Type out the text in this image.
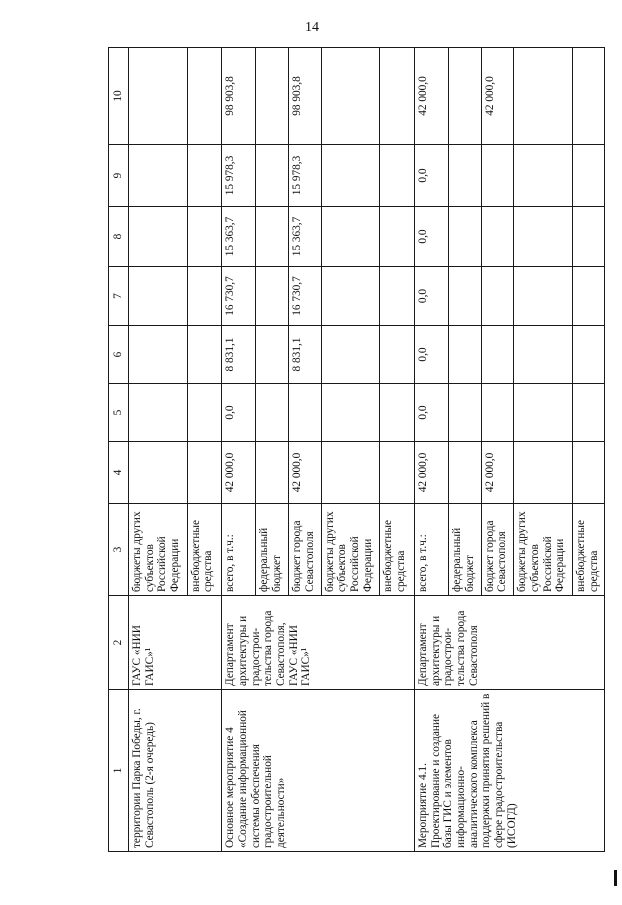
14
1	2	3	4	5	6	7	8	9	10
территории Парка Победы, г. Севастополь (2-я очередь)	ГАУС «НИИ ГАИС»¹	бюджеты других субъектов Российской Федерации							
		внебюджетные средства							
Основное мероприятие 4 «Создание информационной системы обеспечения градостроительной деятельности»	Департамент архитектуры и градострои-тельства города Севастополя, ГАУС «НИИ ГАИС»¹	всего, в т.ч.:	42 000,0	0,0	8 831,1	16 730,7	15 363,7	15 978,3	98 903,8
		федеральный бюджет							
		бюджет города Севастополя	42 000,0		8 831,1	16 730,7	15 363,7	15 978,3	98 903,8
		бюджеты других субъектов Российской Федерации							
		внебюджетные средства							
Мероприятие 4.1. Проектирование и создание базы ГИС и элементов информационно-аналитического комплекса поддержки принятия решений в сфере градостроительства (ИСОГД)	Департамент архитектуры и градострои-тельства города Севастополя	всего, в т.ч.:	42 000,0	0,0	0,0	0,0	0,0	0,0	42 000,0
		федеральный бюджет							
		бюджет города Севастополя	42 000,0						42 000,0
		бюджеты других субъектов Российской Федерации							
		внебюджетные средства							
